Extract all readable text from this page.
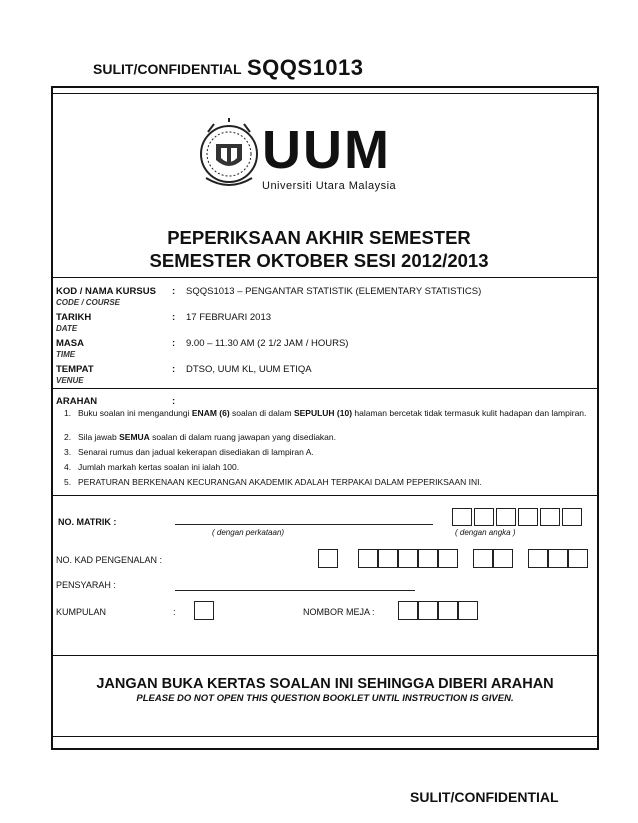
SULIT/CONFIDENTIAL SQQS1013
UUM
Universiti Utara Malaysia
PEPERIKSAAN AKHIR SEMESTER
SEMESTER OKTOBER SESI 2012/2013
KOD / NAMA KURSUS :
CODE / COURSE
SQQS1013 – PENGANTAR STATISTIK (ELEMENTARY STATISTICS)
TARIKH	:
DATE
17 FEBRUARI 2013
MASA	:
TIME
9.00 – 11.30 AM (2 1/2 JAM / HOURS)
TEMPAT	:
VENUE
DTSO, UUM KL, UUM ETIQA
ARAHAN	:
1. Buku soalan ini mengandungi ENAM (6) soalan di dalam SEPULUH (10) halaman bercetak tidak termasuk kulit hadapan dan lampiran.
2. Sila jawab SEMUA soalan di dalam ruang jawapan yang disediakan.
3. Senarai rumus dan jadual kekerapan disediakan di lampiran A.
4. Jumlah markah kertas soalan ini ialah 100.
5. PERATURAN BERKENAAN KECURANGAN AKADEMIK ADALAH TERPAKAI DALAM PEPERIKSAAN INI.
NO. MATRIK :
( dengan perkataan)	( dengan angka )
NO. KAD PENGENALAN :
PENSYARAH :
KUMPULAN	:	NOMBOR MEJA :
JANGAN BUKA KERTAS SOALAN INI SEHINGGA DIBERI ARAHAN
PLEASE DO NOT OPEN THIS QUESTION BOOKLET UNTIL INSTRUCTION IS GIVEN.
SULIT/CONFIDENTIAL
